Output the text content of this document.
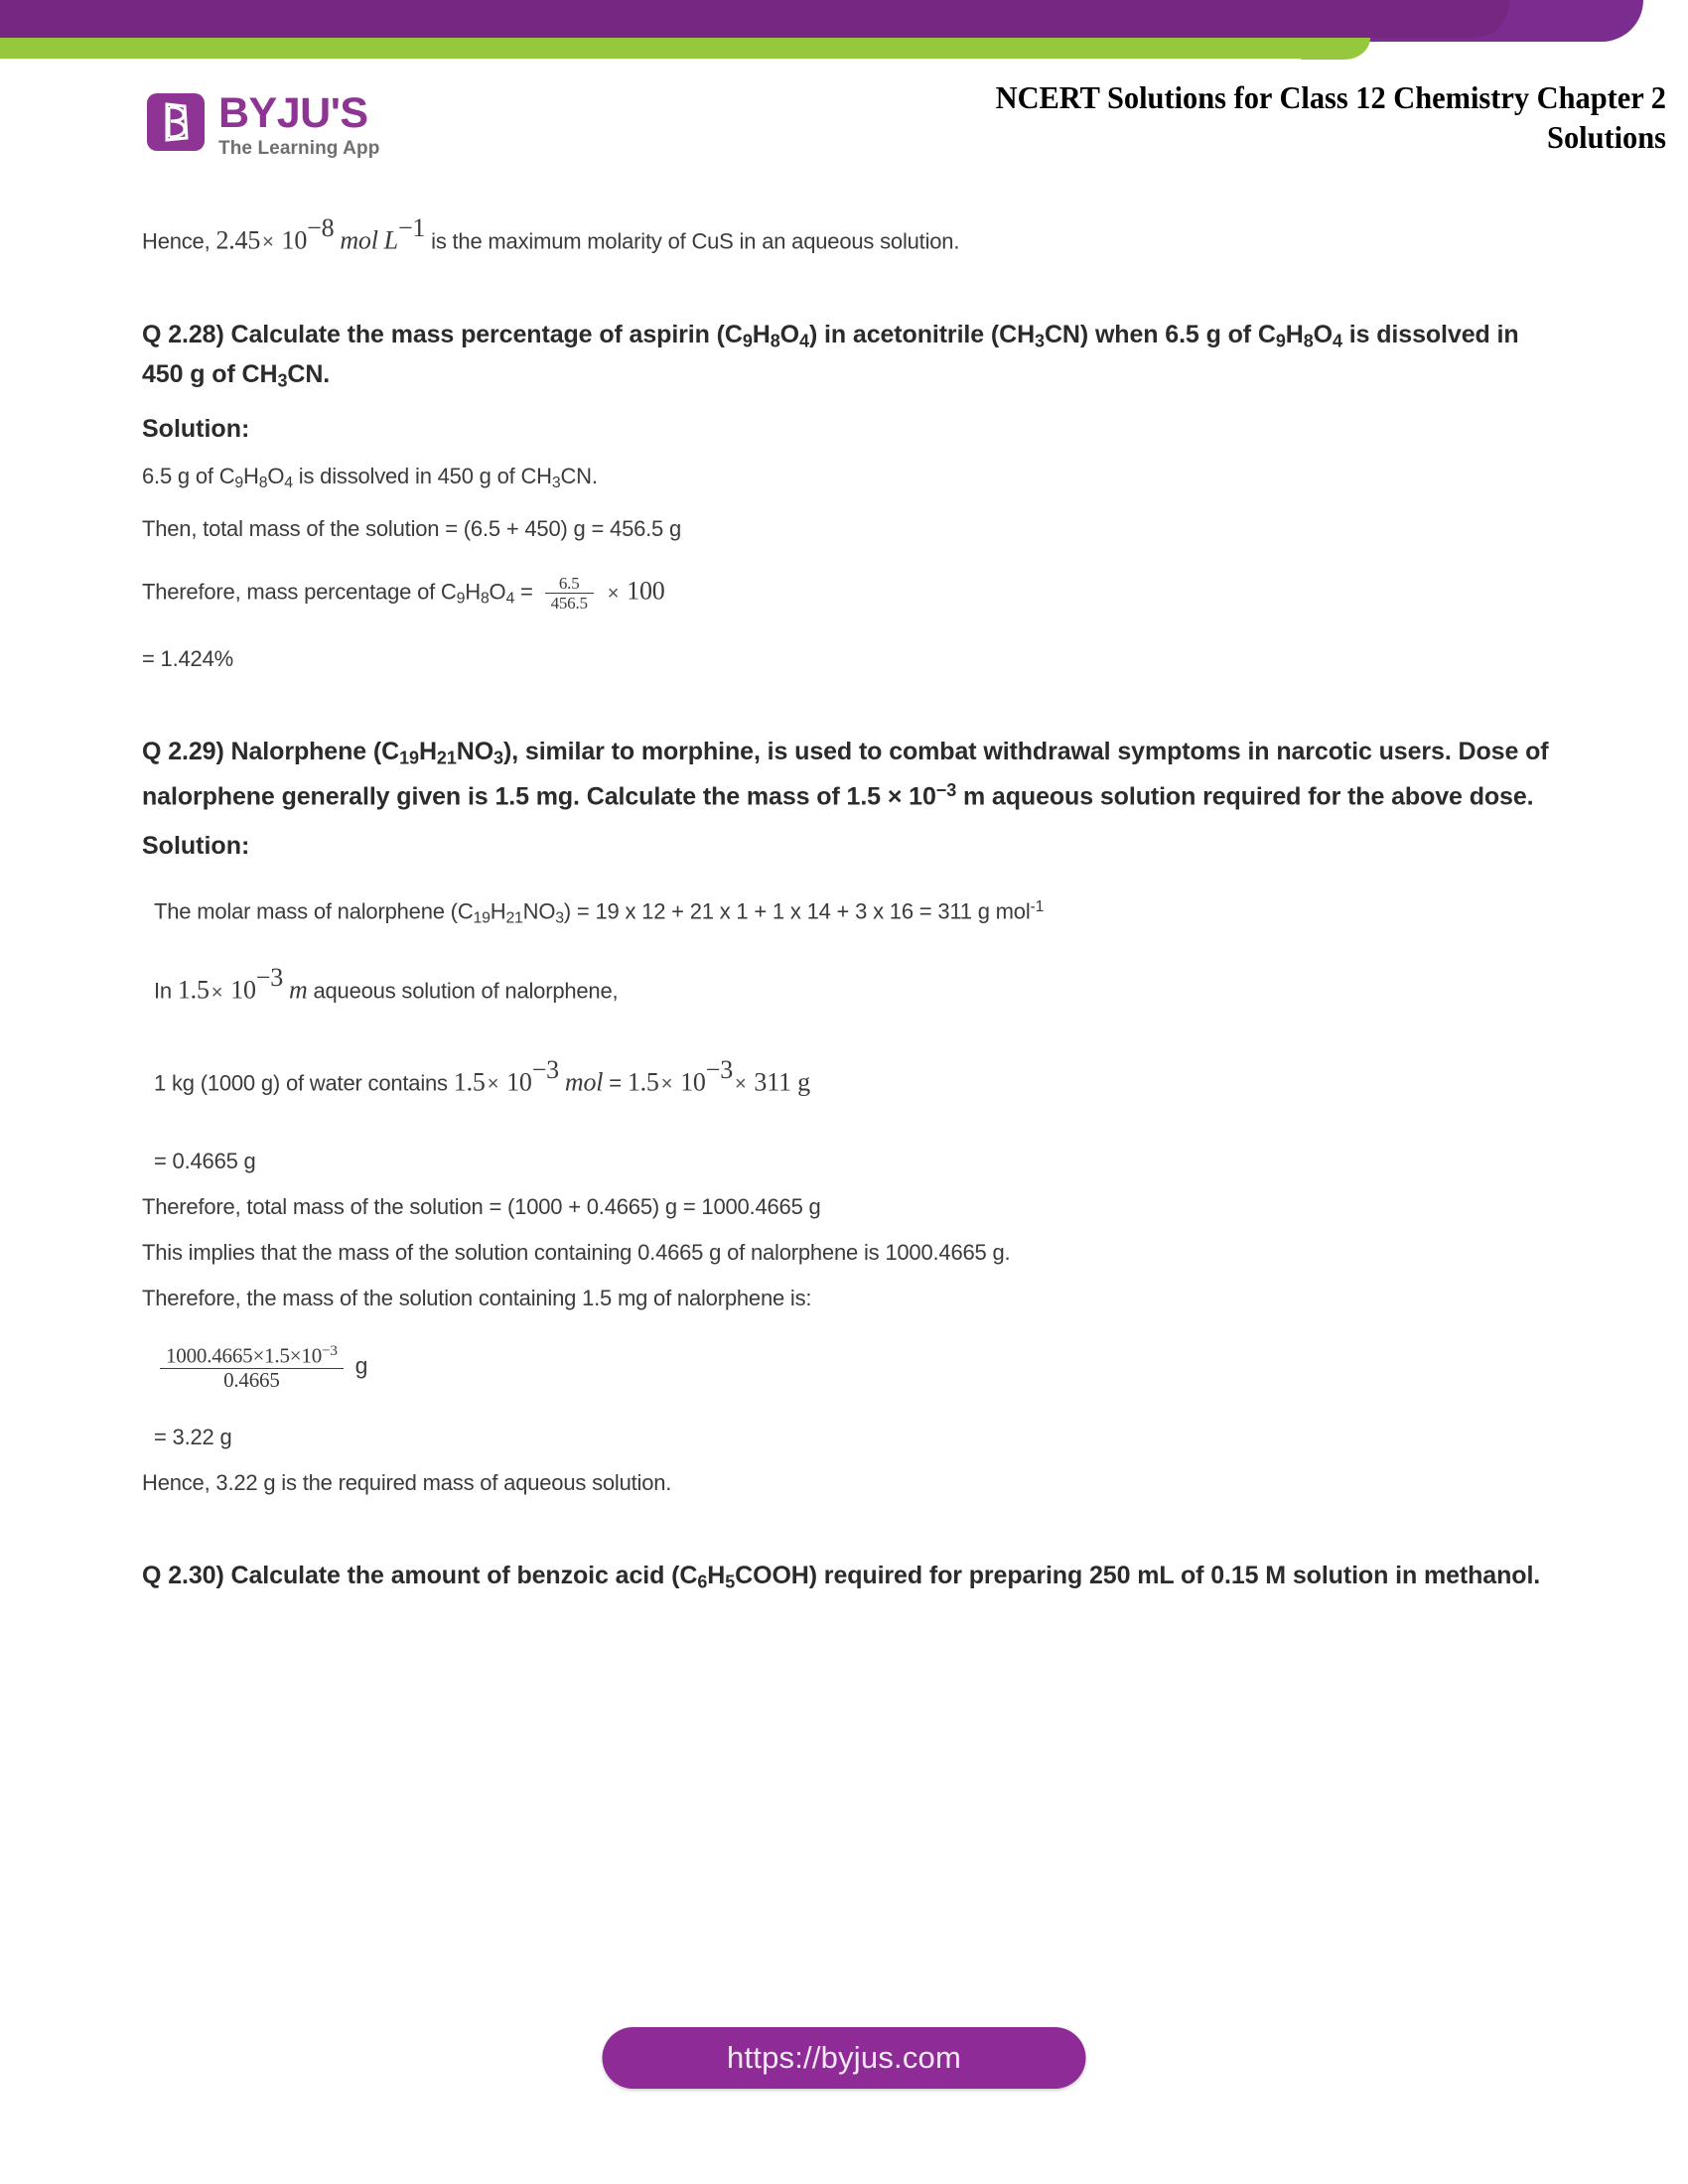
BYJU'S
The Learning App
NCERT Solutions for Class 12 Chemistry Chapter 2
Solutions
Hence, $2.45 \times 10^{-8}$ mol $L^{-1}$ is the maximum molarity of CuS in an aqueous solution.
Q 2.28) Calculate the mass percentage of aspirin $(C_9H_8O_4)$ in acetonitrile $(CH_3CN)$ when 6.5 g of $C_9H_8O_4$ is dissolved in 450 g of $CH_3CN$.
Solution:
6.5 g of $C_9H_8O_4$ is dissolved in 450 g of $CH_3CN$.
Then, total mass of the solution = (6.5 + 450) g = 456.5 g
Therefore, mass percentage of $C_9H_8O_4 = \frac{6.5}{456.5} \times 100$
= 1.424%
Q 2.29) Nalorphene $(C_{19}H_{21}NO_3)$, similar to morphine, is used to combat withdrawal symptoms in narcotic users. Dose of nalorphene generally given is 1.5 mg. Calculate the mass of $1.5 \times 10^{-3}$ m aqueous solution required for the above dose.
Solution:
The molar mass of nalorphene $(C_{19}H_{21}NO_3) = 19$ x 12 + 21 x 1 + 1 x 14 + 3 x 16 = 311 g mol$^{-1}$
In $1.5 \times 10^{-3}$ m aqueous solution of nalorphene,
1 kg (1000 g) of water contains $1.5 \times 10^{-3}$ mol = $1.5 \times 10^{-3}\times 311$ g
= 0.4665 g
Therefore, total mass of the solution = (1000 + 0.4665) g = 1000.4665 g
This implies that the mass of the solution containing 0.4665 g of nalorphene is 1000.4665 g.
Therefore, the mass of the solution containing 1.5 mg of nalorphene is:
$\frac{1000.4665\times 1.5\times 10^{-3}}{0.4665}$ g
= 3.22 g
Hence, 3.22 g is the required mass of aqueous solution.
Q 2.30) Calculate the amount of benzoic acid $(C_6H_5COOH)$ required for preparing 250 mL of 0.15 M solution in methanol.
https://byjus.com
